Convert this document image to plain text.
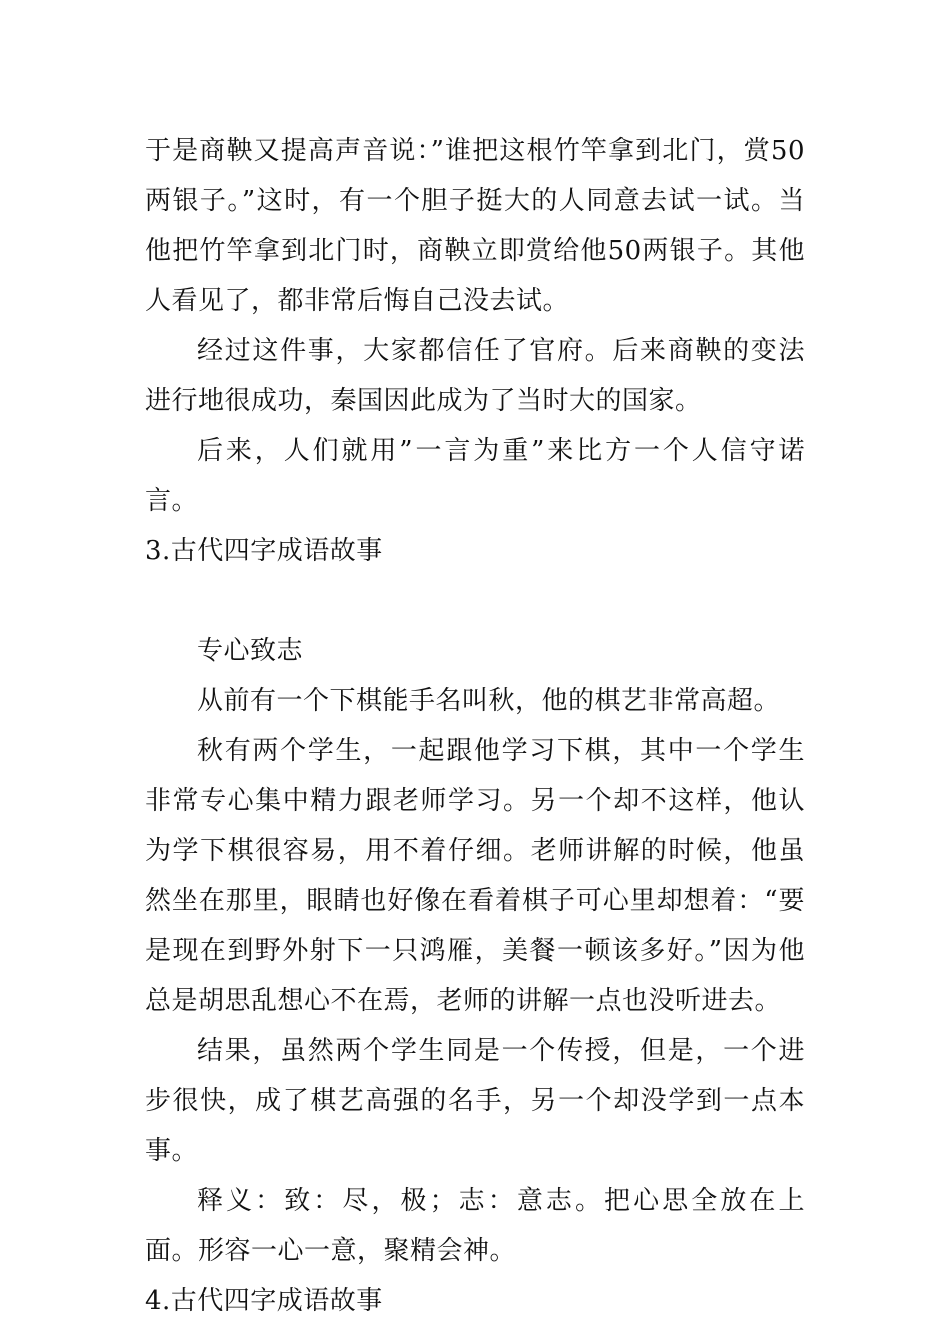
于是商鞅又提高声音说：”谁把这根竹竿拿到北门，赏50两银子。”这时，有一个胆子挺大的人同意去试一试。当他把竹竿拿到北门时，商鞅立即赏给他50两银子。其他人看见了，都非常后悔自己没去试。

经过这件事，大家都信任了官府。后来商鞅的变法进行地很成功，秦国因此成为了当时大的国家。

后来，人们就用”一言为重”来比方一个人信守诺言。

3.古代四字成语故事

专心致志

从前有一个下棋能手名叫秋，他的棋艺非常高超。

秋有两个学生，一起跟他学习下棋，其中一个学生非常专心集中精力跟老师学习。另一个却不这样，他认为学下棋很容易，用不着仔细。老师讲解的时候，他虽然坐在那里，眼睛也好像在看着棋子可心里却想着：“要是现在到野外射下一只鸿雁，美餐一顿该多好。”因为他总是胡思乱想心不在焉，老师的讲解一点也没听进去。

结果，虽然两个学生同是一个传授，但是，一个进步很快，成了棋艺高强的名手，另一个却没学到一点本事。

释义：致：尽，极；志：意志。把心思全放在上面。形容一心一意，聚精会神。

4.古代四字成语故事
